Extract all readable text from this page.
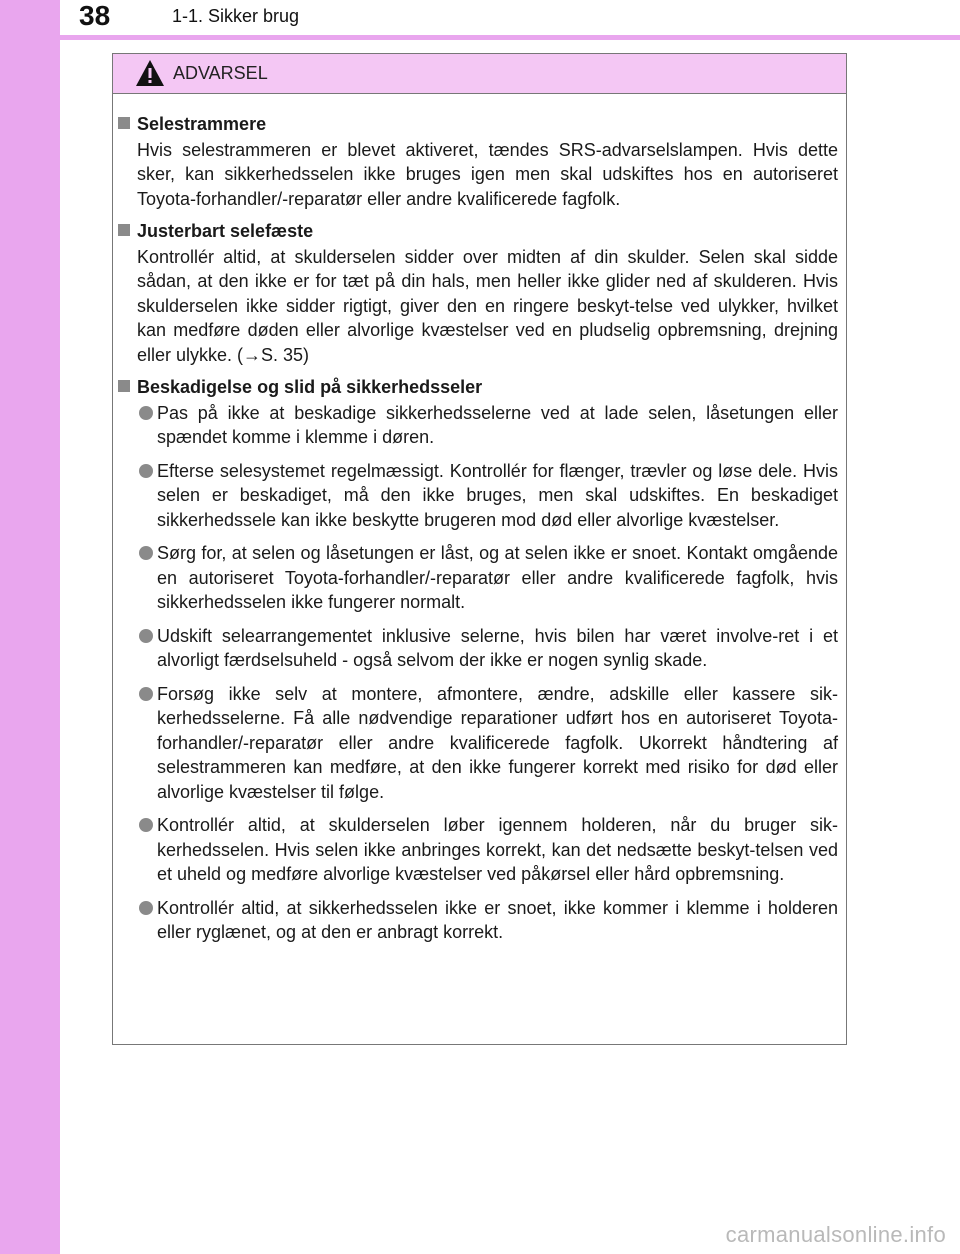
38	1-1. Sikker brug
ADVARSEL
Selestrammere
Hvis selestrammeren er blevet aktiveret, tændes SRS-advarselslampen. Hvis dette sker, kan sikkerhedsselen ikke bruges igen men skal udskiftes hos en autoriseret Toyota-forhandler/-reparatør eller andre kvalificerede fagfolk.
Justerbart selefæste
Kontrollér altid, at skulderselen sidder over midten af din skulder. Selen skal sidde sådan, at den ikke er for tæt på din hals, men heller ikke glider ned af skulderen. Hvis skulderselen ikke sidder rigtigt, giver den en ringere beskyt-telse ved ulykker, hvilket kan medføre døden eller alvorlige kvæstelser ved en pludselig opbremsning, drejning eller ulykke. (→S. 35)
Beskadigelse og slid på sikkerhedsseler
Pas på ikke at beskadige sikkerhedsselerne ved at lade selen, låsetungen eller spændet komme i klemme i døren.
Efterse selesystemet regelmæssigt. Kontrollér for flænger, trævler og løse dele. Hvis selen er beskadiget, må den ikke bruges, men skal udskiftes. En beskadiget sikkerhedssele kan ikke beskytte brugeren mod død eller alvorlige kvæstelser.
Sørg for, at selen og låsetungen er låst, og at selen ikke er snoet. Kontakt omgående en autoriseret Toyota-forhandler/-reparatør eller andre kvalificerede fagfolk, hvis sikkerhedsselen ikke fungerer normalt.
Udskift selearrangementet inklusive selerne, hvis bilen har været involve-ret i et alvorligt færdselsuheld - også selvom der ikke er nogen synlig skade.
Forsøg ikke selv at montere, afmontere, ændre, adskille eller kassere sik-kerhedsselerne. Få alle nødvendige reparationer udført hos en autoriseret Toyota-forhandler/-reparatør eller andre kvalificerede fagfolk. Ukorrekt håndtering af selestrammeren kan medføre, at den ikke fungerer korrekt med risiko for død eller alvorlige kvæstelser til følge.
Kontrollér altid, at skulderselen løber igennem holderen, når du bruger sik-kerhedsselen. Hvis selen ikke anbringes korrekt, kan det nedsætte beskyt-telsen ved et uheld og medføre alvorlige kvæstelser ved påkørsel eller hård opbremsning.
Kontrollér altid, at sikkerhedsselen ikke er snoet, ikke kommer i klemme i holderen eller ryglænet, og at den er anbragt korrekt.
carmanualsonline.info
